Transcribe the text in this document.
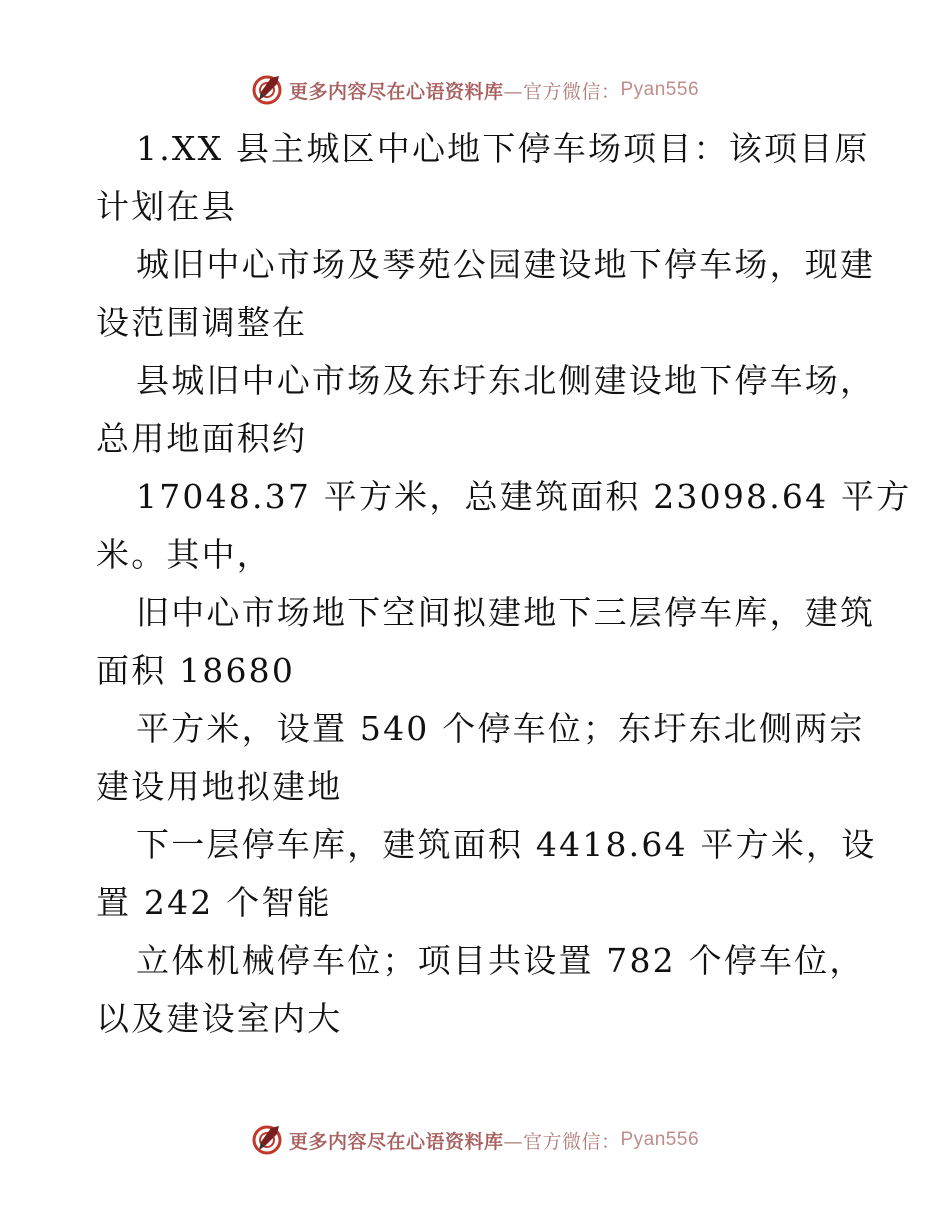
更多内容尽在心语资料库 —官方微信： Pyan556
1.XX 县主城区中心地下停车场项目：该项目原
计划在县
城旧中心市场及琴苑公园建设地下停车场，现建
设范围调整在
县城旧中心市场及东圩东北侧建设地下停车场，
总用地面积约
17048.37 平方米，总建筑面积 23098.64 平方
米。其中，
旧中心市场地下空间拟建地下三层停车库，建筑
面积 18680
平方米，设置 540 个停车位；东圩东北侧两宗
建设用地拟建地
下一层停车库，建筑面积 4418.64 平方米，设
置 242 个智能
立体机械停车位；项目共设置 782 个停车位，
以及建设室内大
更多内容尽在心语资料库 —官方微信： Pyan556
